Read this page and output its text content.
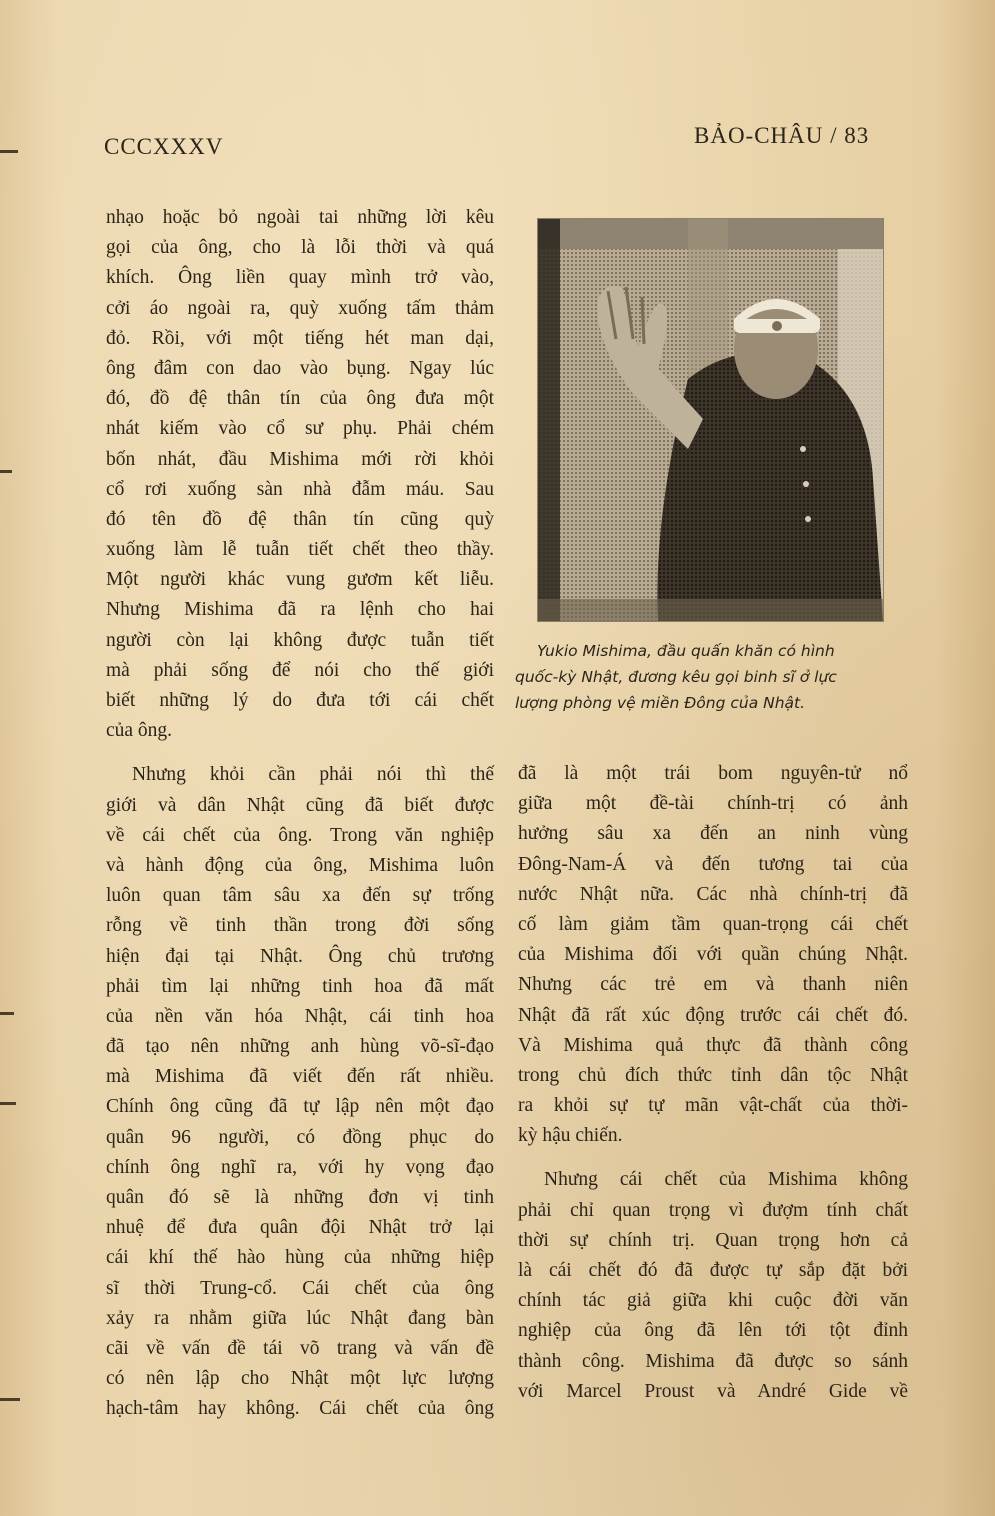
CCCXXXV	BẢO-CHÂU / 83
nhạo hoặc bỏ ngoài tai những lời kêu
gọi của ông, cho là lỗi thời và quá
khích. Ông liền quay mình trở vào,
cởi áo ngoài ra, quỳ xuống tấm thảm
đỏ. Rồi, với một tiếng hét man dại,
ông đâm con dao vào bụng. Ngay lúc
đó, đồ đệ thân tín của ông đưa một
nhát kiếm vào cổ sư phụ. Phải chém
bốn nhát, đầu Mishima mới rời khỏi
cổ rơi xuống sàn nhà đẫm máu. Sau
đó tên đồ đệ thân tín cũng quỳ
xuống làm lễ tuẫn tiết chết theo thầy.
Một người khác vung gươm kết liễu.
Nhưng Mishima đã ra lệnh cho hai
người còn lại không được tuẫn tiết
mà phải sống để nói cho thế giới
biết những lý do đưa tới cái chết
của ông.
Nhưng khỏi cần phải nói thì thế
giới và dân Nhật cũng đã biết được
về cái chết của ông. Trong văn nghiệp
và hành động của ông, Mishima luôn
luôn quan tâm sâu xa đến sự trống
rỗng về tinh thần trong đời sống
hiện đại tại Nhật. Ông chủ trương
phải tìm lại những tinh hoa đã mất
của nền văn hóa Nhật, cái tinh hoa
đã tạo nên những anh hùng võ-sĩ-đạo
mà Mishima đã viết đến rất nhiều.
Chính ông cũng đã tự lập nên một đạo
quân 96 người, có đồng phục do
chính ông nghĩ ra, với hy vọng đạo
quân đó sẽ là những đơn vị tinh
nhuệ để đưa quân đội Nhật trở lại
cái khí thế hào hùng của những hiệp
sĩ thời Trung-cổ. Cái chết của ông
xảy ra nhằm giữa lúc Nhật đang bàn
cãi về vấn đề tái võ trang và vấn đề
có nên lập cho Nhật một lực lượng
hạch-tâm hay không. Cái chết của ông
Yukio Mishima, đầu quấn khăn có hình
quốc-kỳ Nhật, đương kêu gọi binh sĩ ở lực
lượng phòng vệ miền Đông của Nhật.
đã là một trái bom nguyên-tử nổ
giữa một đề-tài chính-trị có ảnh
hưởng sâu xa đến an ninh vùng
Đông-Nam-Á và đến tương tai của
nước Nhật nữa. Các nhà chính-trị đã
cố làm giảm tầm quan-trọng cái chết
của Mishima đối với quần chúng Nhật.
Nhưng các trẻ em và thanh niên
Nhật đã rất xúc động trước cái chết đó.
Và Mishima quả thực đã thành công
trong chủ đích thức tỉnh dân tộc Nhật
ra khỏi sự tự mãn vật-chất của thời-
kỳ hậu chiến.
Nhưng cái chết của Mishima không
phải chỉ quan trọng vì đượm tính chất
thời sự chính trị. Quan trọng hơn cả
là cái chết đó đã được tự sắp đặt bởi
chính tác giả giữa khi cuộc đời văn
nghiệp của ông đã lên tới tột đỉnh
thành công. Mishima đã được so sánh
với Marcel Proust và André Gide về
